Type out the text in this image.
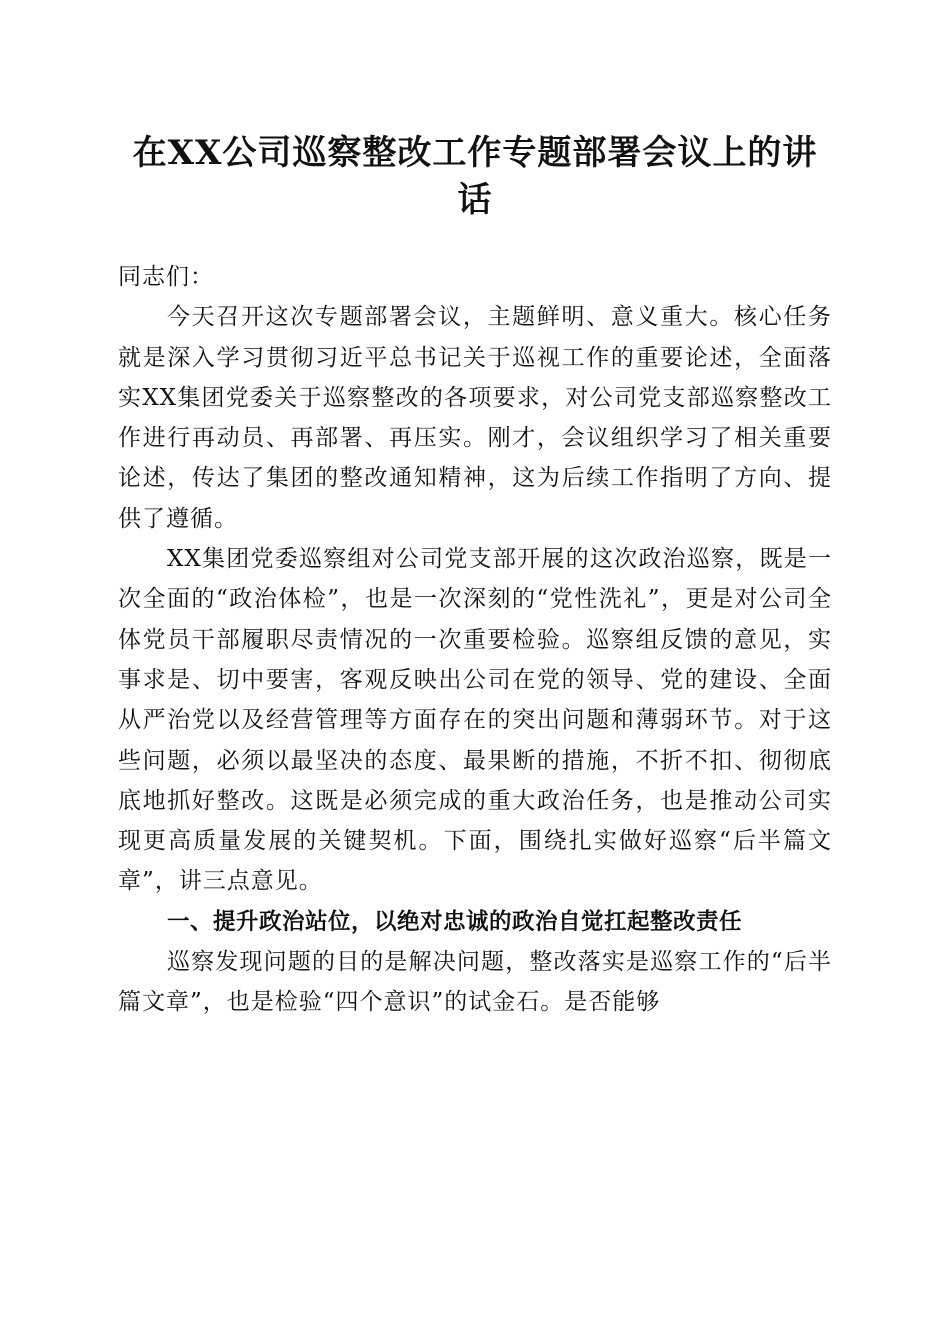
在XX公司巡察整改工作专题部署会议上的讲话

同志们：

今天召开这次专题部署会议，主题鲜明、意义重大。核心任务就是深入学习贯彻习近平总书记关于巡视工作的重要论述，全面落实XX集团党委关于巡察整改的各项要求，对公司党支部巡察整改工作进行再动员、再部署、再压实。刚才，会议组织学习了相关重要论述，传达了集团的整改通知精神，这为后续工作指明了方向、提供了遵循。

XX集团党委巡察组对公司党支部开展的这次政治巡察，既是一次全面的“政治体检”，也是一次深刻的“党性洗礼”，更是对公司全体党员干部履职尽责情况的一次重要检验。巡察组反馈的意见，实事求是、切中要害，客观反映出公司在党的领导、党的建设、全面从严治党以及经营管理等方面存在的突出问题和薄弱环节。对于这些问题，必须以最坚决的态度、最果断的措施，不折不扣、彻彻底底地抓好整改。这既是必须完成的重大政治任务，也是推动公司实现更高质量发展的关键契机。下面，围绕扎实做好巡察“后半篇文章”，讲三点意见。

一、提升政治站位，以绝对忠诚的政治自觉扛起整改责任

巡察发现问题的目的是解决问题，整改落实是巡察工作的“后半篇文章”，也是检验“四个意识”的试金石。是否能够
